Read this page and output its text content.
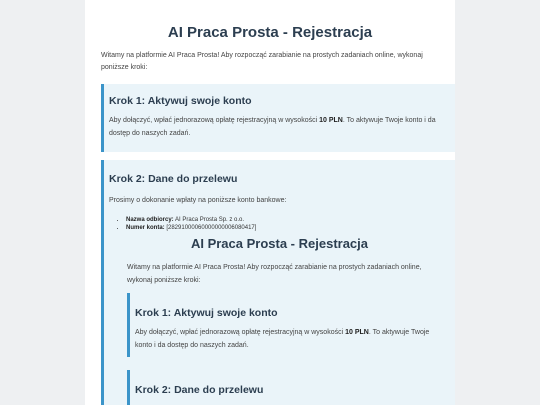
AI Praca Prosta - Rejestracja
Witamy na platformie AI Praca Prosta! Aby rozpocząć zarabianie na prostych zadaniach online, wykonaj poniższe kroki:
Krok 1: Aktywuj swoje konto
Aby dołączyć, wpłać jednorazową opłatę rejestracyjną w wysokości 10 PLN. To aktywuje Twoje konto i da dostęp do naszych zadań.
Krok 2: Dane do przelewu
Prosimy o dokonanie wpłaty na poniższe konto bankowe:
• Nazwa odbiorcy: AI Praca Prosta Sp. z o.o.
• Numer konta: [28291000060000000006080417]
AI Praca Prosta - Rejestracja
Witamy na platformie AI Praca Prosta! Aby rozpocząć zarabianie na prostych zadaniach online, wykonaj poniższe kroki:
Krok 1: Aktywuj swoje konto
Aby dołączyć, wpłać jednorazową opłatę rejestracyjną w wysokości 10 PLN. To aktywuje Twoje konto i da dostęp do naszych zadań.
Krok 2: Dane do przelewu
